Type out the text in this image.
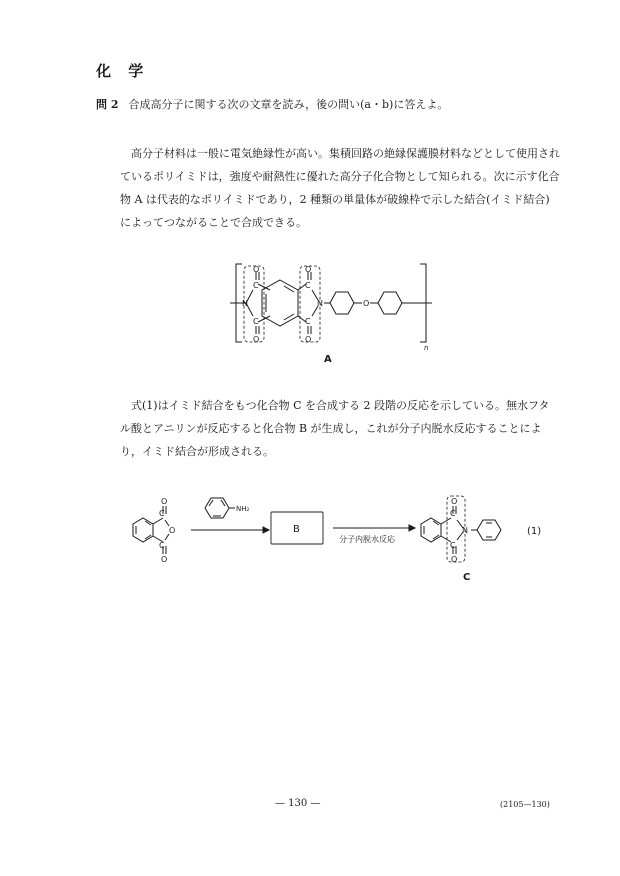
化 学
問 2 合成高分子に関する次の文章を読み，後の問い(a・b)に答えよ。

高分子材料は一般に電気絶縁性が高い。集積回路の絶縁保護膜材料などとして使用されているポリイミドは，強度や耐熱性に優れた高分子化合物として知られる。次に示す化合物 A は代表的なポリイミドであり，2 種類の単量体が破線枠で示した結合(イミド結合)によってつながることで合成できる。

O
C
N
C
O
O
C
N
C
O
O
n
A

式(1)はイミド結合をもつ化合物 C を合成する 2 段階の反応を示している。無水フタル酸とアニリンが反応すると化合物 B が生成し，これが分子内脱水反応することにより，イミド結合が形成される。

O
C
O
C
O
NH₂
B
分子内脱水反応
O
C
N
C
O
C
(1)
— 130 —	(2105—130)
